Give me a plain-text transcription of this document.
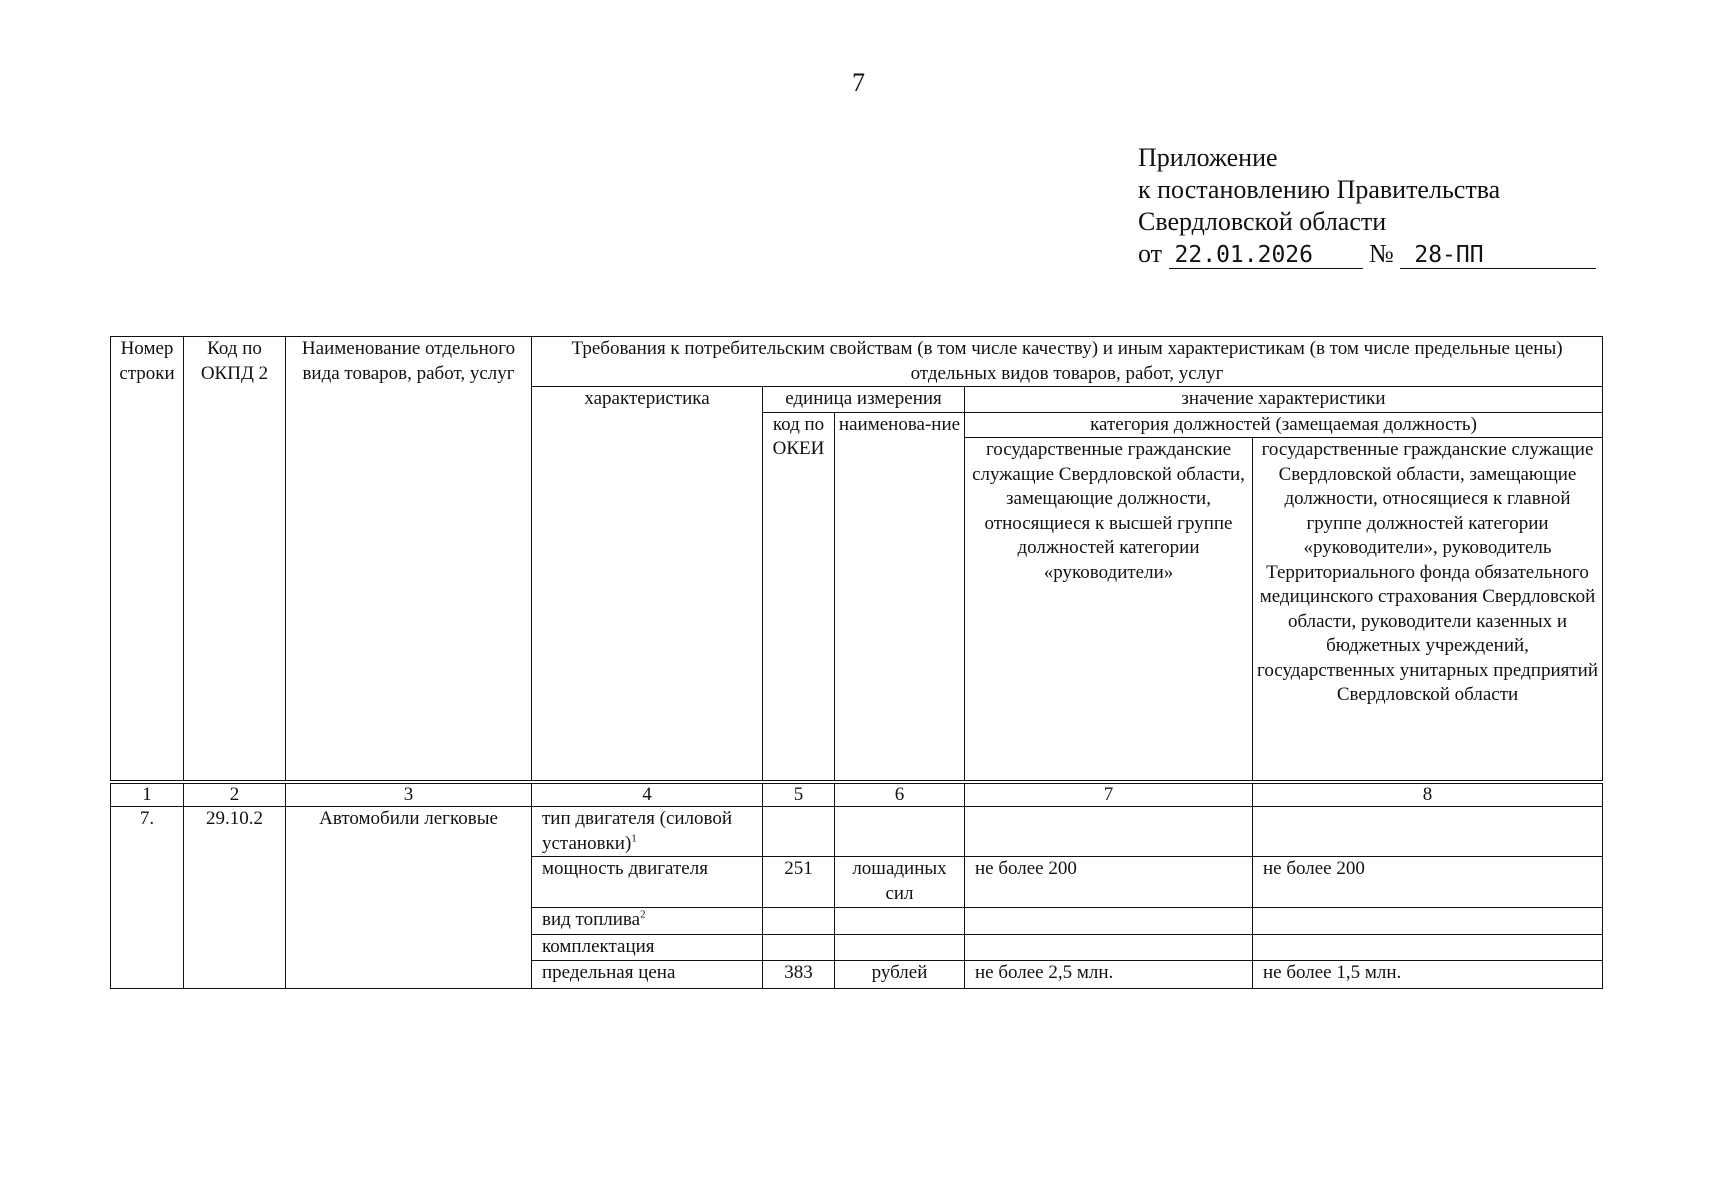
7
Приложение
к постановлению Правительства
Свердловской области
от 22.01.2026 № 28-ПП
Номер строки	Код по ОКПД 2	Наименование отдельного вида товаров, работ, услуг	Требования к потребительским свойствам (в том числе качеству) и иным характеристикам (в том числе предельные цены) отдельных видов товаров, работ, услуг				
			характеристика	единица измерения		значение характеристики	
				код по ОКЕИ	наименова-ние	категория должностей (замещаемая должность)	
						государственные гражданские служащие Свердловской области, замещающие должности, относящиеся к высшей группе должностей категории «руководители»	государственные гражданские служащие Свердловской области, замещающие должности, относящиеся к главной группе должностей категории «руководители», руководитель Территориального фонда обязательного медицинского страхования Свердловской области, руководители казенных и бюджетных учреждений, государственных унитарных предприятий Свердловской области
1	2	3	4	5	6	7	8
7.	29.10.2	Автомобили легковые	тип двигателя (силовой установки)$^1$				
			мощность двигателя	251	лошадиных сил	не более 200	не более 200
			вид топлива$^2$				
			комплектация				
			предельная цена	383	рублей	не более 2,5 млн.	не более 1,5 млн.
